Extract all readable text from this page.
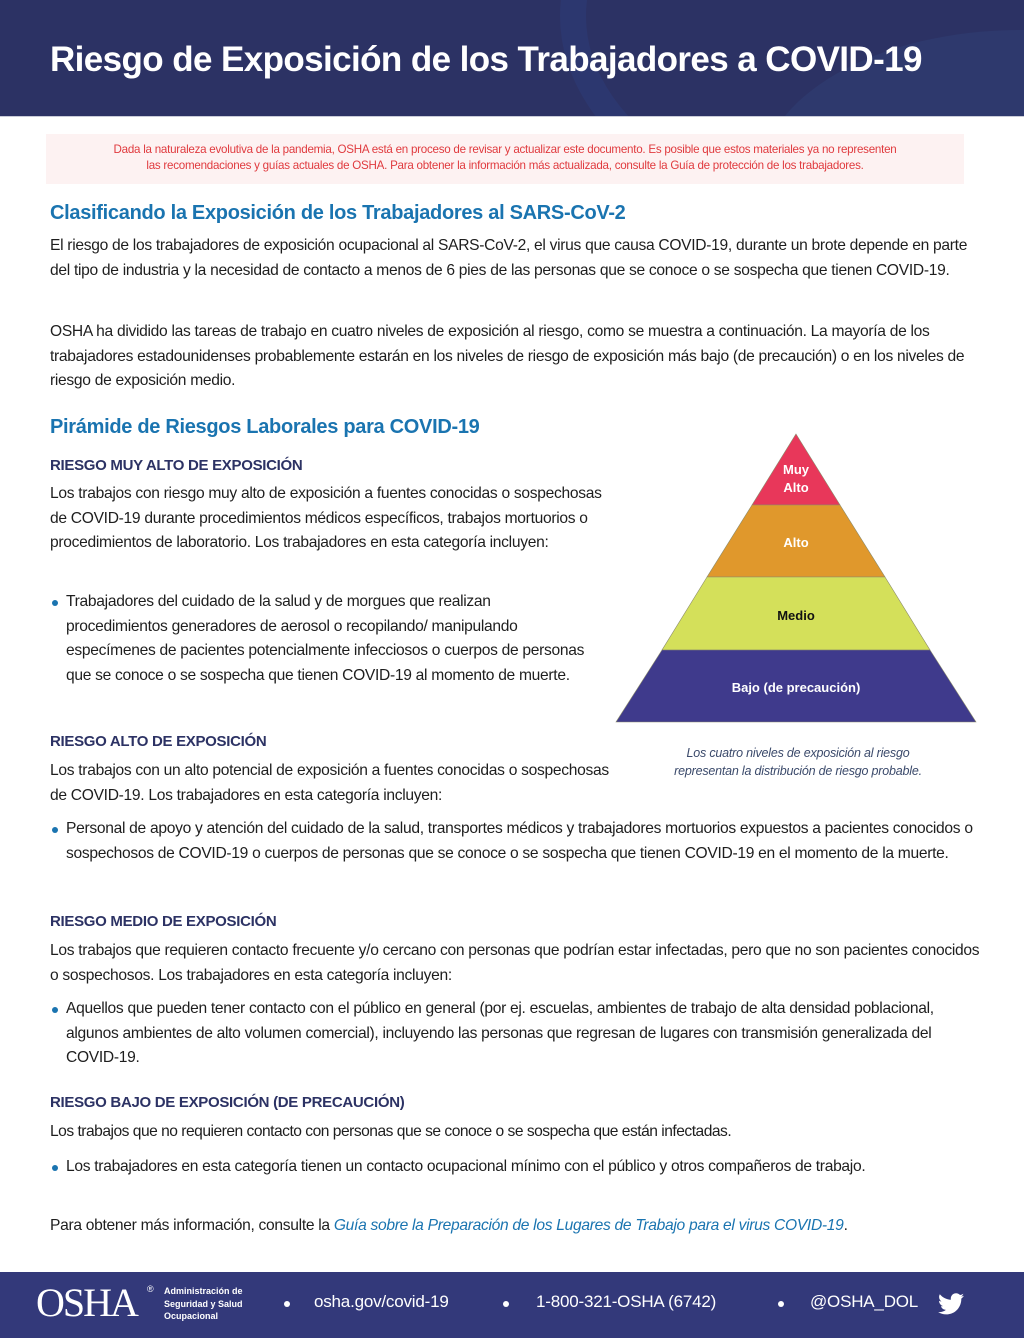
Riesgo de Exposición de los Trabajadores a COVID-19
Dada la naturaleza evolutiva de la pandemia, OSHA está en proceso de revisar y actualizar este documento. Es posible que estos materiales ya no representen
las recomendaciones y guías actuales de OSHA. Para obtener la información más actualizada, consulte la Guía de protección de los trabajadores.
Clasificando la Exposición de los Trabajadores al SARS-CoV-2

El riesgo de los trabajadores de exposición ocupacional al SARS-CoV-2, el virus que causa COVID-19, durante un brote depende en parte del tipo de industria y la necesidad de contacto a menos de 6 pies de las personas que se conoce o se sospecha que tienen COVID-19.

OSHA ha dividido las tareas de trabajo en cuatro niveles de exposición al riesgo, como se muestra a continuación. La mayoría de los trabajadores estadounidenses probablemente estarán en los niveles de riesgo de exposición más bajo (de precaución) o en los niveles de riesgo de exposición medio.

Pirámide de Riesgos Laborales para COVID-19
RIESGO MUY ALTO DE EXPOSICIÓN

Los trabajos con riesgo muy alto de exposición a fuentes conocidas o sospechosas de COVID-19 durante procedimientos médicos específicos, trabajos mortuorios o procedimientos de laboratorio. Los trabajadores en esta categoría incluyen:

Trabajadores del cuidado de la salud y de morgues que realizan procedimientos generadores de aerosol o recopilando/ manipulando especímenes de pacientes potencialmente infecciosos o cuerpos de personas que se conoce o se sospecha que tienen COVID-19 al momento de muerte.
Muy
Alto
Alto
Medio
Bajo (de precaución)
Los cuatro niveles de exposición al riesgo
representan la distribución de riesgo probable.
RIESGO ALTO DE EXPOSICIÓN

Los trabajos con un alto potencial de exposición a fuentes conocidas o sospechosas de COVID-19. Los trabajadores en esta categoría incluyen:

Personal de apoyo y atención del cuidado de la salud, transportes médicos y trabajadores mortuorios expuestos a pacientes conocidos o sospechosos de COVID-19 o cuerpos de personas que se conoce o se sospecha que tienen COVID-19 en el momento de la muerte.
RIESGO MEDIO DE EXPOSICIÓN

Los trabajos que requieren contacto frecuente y/o cercano con personas que podrían estar infectadas, pero que no son pacientes conocidos o sospechosos. Los trabajadores en esta categoría incluyen:

Aquellos que pueden tener contacto con el público en general (por ej. escuelas, ambientes de trabajo de alta densidad poblacional, algunos ambientes de alto volumen comercial), incluyendo las personas que regresan de lugares con transmisión generalizada del COVID-19.
RIESGO BAJO DE EXPOSICIÓN (DE PRECAUCIÓN)

Los trabajos que no requieren contacto con personas que se conoce o se sospecha que están infectadas.

Los trabajadores en esta categoría tienen un contacto ocupacional mínimo con el público y otros compañeros de trabajo.
Para obtener más información, consulte la Guía sobre la Preparación de los Lugares de Trabajo para el virus COVID-19.
OSHA ® Administración de
Seguridad y Salud
Ocupacional
osha.gov/covid-19	1-800-321-OSHA (6742)	@OSHA_DOL
